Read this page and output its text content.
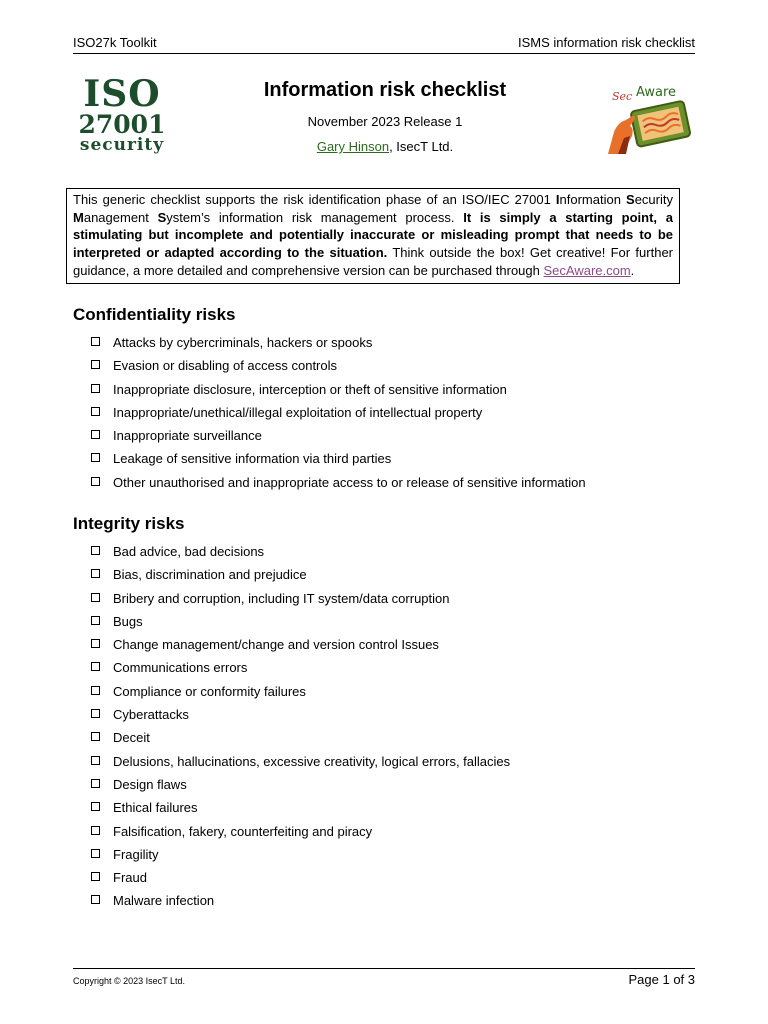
ISO27k Toolkit	ISMS information risk checklist
ISO
27001
security
Information risk checklist
November 2023 Release 1
Gary Hinson, IsecT Ltd.
Sec Aware
This generic checklist supports the risk identification phase of an ISO/IEC 27001 Information Security Management System’s information risk management process. It is simply a starting point, a stimulating but incomplete and potentially inaccurate or misleading prompt that needs to be interpreted or adapted according to the situation. Think outside the box! Get creative! For further guidance, a more detailed and comprehensive version can be purchased through SecAware.com.
Confidentiality risks
Attacks by cybercriminals, hackers or spooks
Evasion or disabling of access controls
Inappropriate disclosure, interception or theft of sensitive information
Inappropriate/unethical/illegal exploitation of intellectual property
Inappropriate surveillance
Leakage of sensitive information via third parties
Other unauthorised and inappropriate access to or release of sensitive information
Integrity risks
Bad advice, bad decisions
Bias, discrimination and prejudice
Bribery and corruption, including IT system/data corruption
Bugs
Change management/change and version control Issues
Communications errors
Compliance or conformity failures
Cyberattacks
Deceit
Delusions, hallucinations, excessive creativity, logical errors, fallacies
Design flaws
Ethical failures
Falsification, fakery, counterfeiting and piracy
Fragility
Fraud
Malware infection
Copyright © 2023 IsecT Ltd.	Page 1 of 3
